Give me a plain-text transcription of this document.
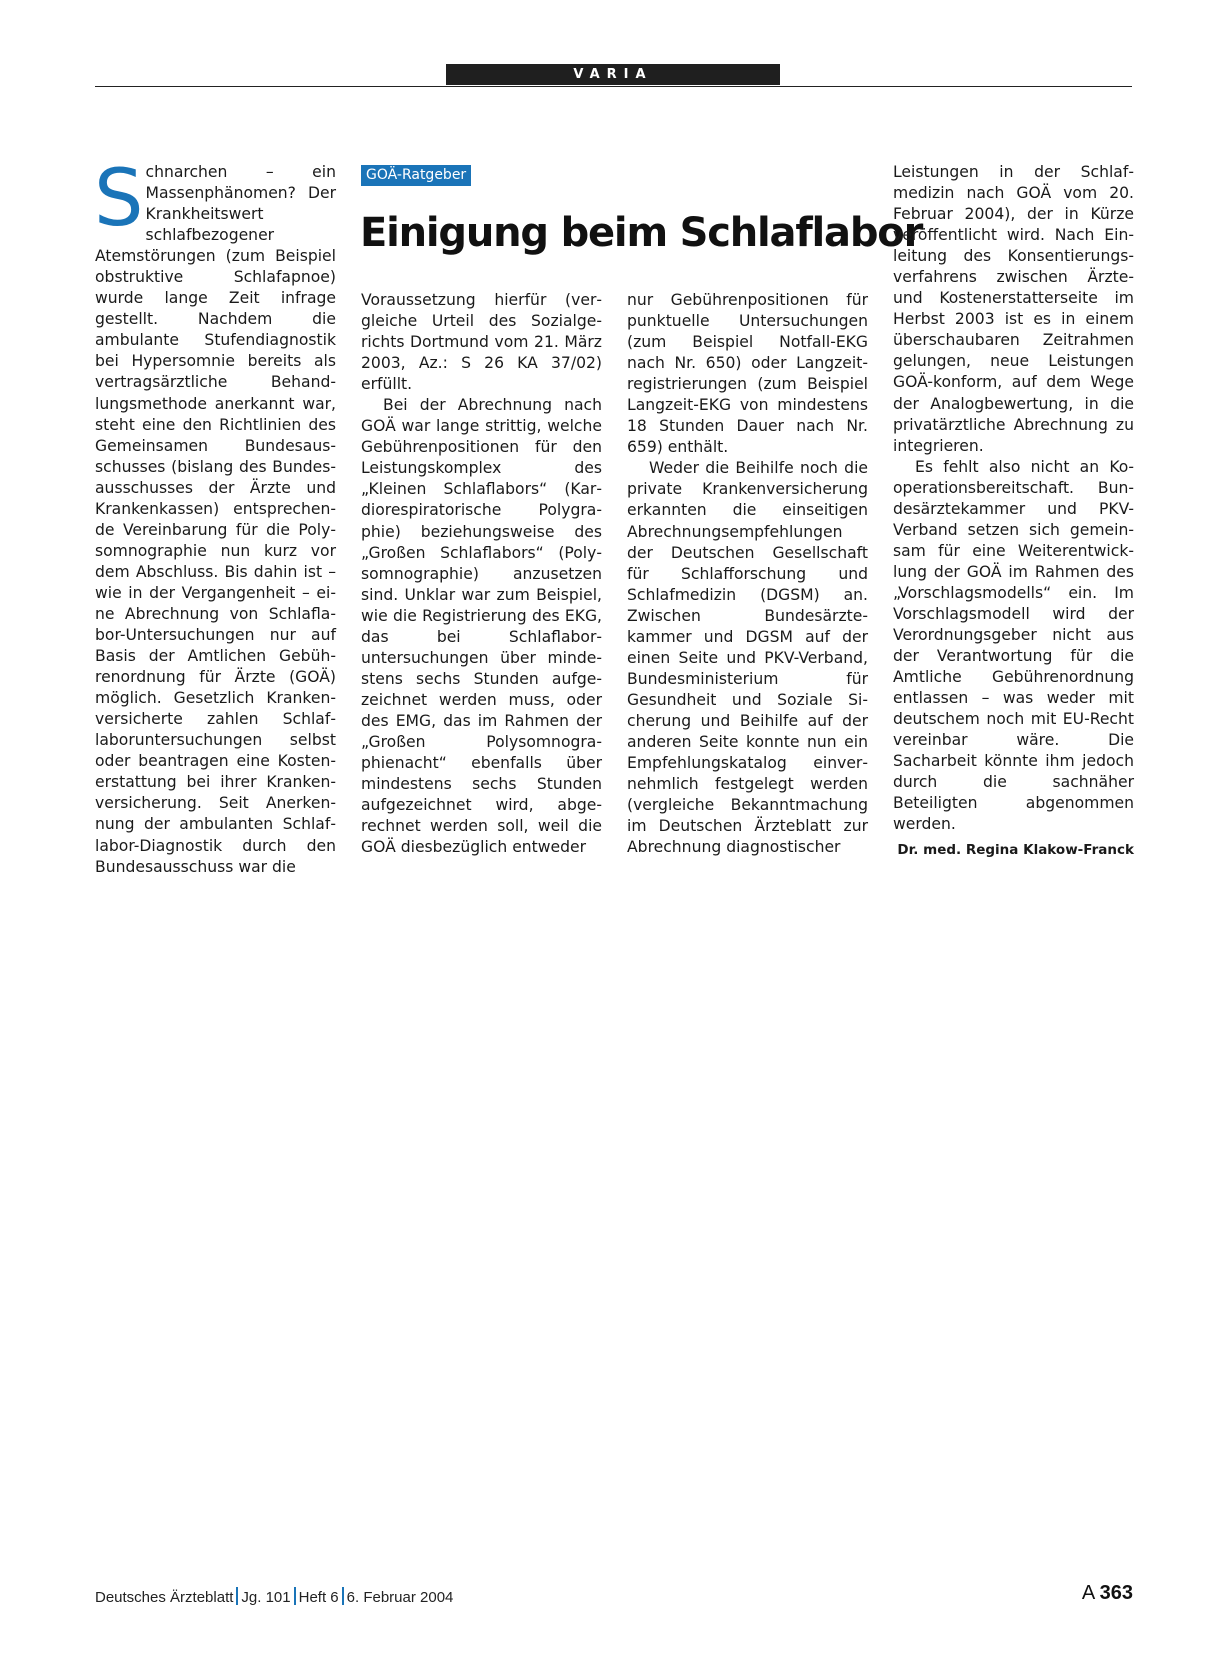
VARIA

Schnarchen – ein Massenphänomen? Der Krankheitswert schlafbezogener Atemstörungen (zum Beispiel obstruktive Schlafapnoe) wurde lange Zeit infrage gestellt. Nachdem die ambulante Stufendiagnostik bei Hypersomnie bereits als vertragsärztliche Behandlungsmethode anerkannt war, steht eine den Richtlinien des Gemeinsamen Bundesausschusses (bislang des Bundesausschusses der Ärzte und Krankenkassen) entsprechende Vereinbarung für die Polysomnographie nun kurz vor dem Abschluss. Bis dahin ist – wie in der Vergangenheit – eine Abrechnung von Schlaflabor-Untersuchungen nur auf Basis der Amtlichen Gebührenordnung für Ärzte (GOÄ) möglich. Gesetzlich Krankenversicherte zahlen Schlaflaboruntersuchungen selbst oder beantragen eine Kostenerstattung bei ihrer Krankenversicherung. Seit Anerkennung der ambulanten Schlaflabor-Diagnostik durch den Bundesausschuss war die

GOÄ-Ratgeber
Einigung beim Schlaflabor

Voraussetzung hierfür (vergleiche Urteil des Sozialgerichts Dortmund vom 21. März 2003, Az.: S 26 KA 37/02) erfüllt.

Bei der Abrechnung nach GOÄ war lange strittig, welche Gebührenpositionen für den Leistungskomplex des „Kleinen Schlaflabors“ (Kardiorespiratorische Polygraphie) beziehungsweise des „Großen Schlaflabors“ (Polysomnographie) anzusetzen sind. Unklar war zum Beispiel, wie die Registrierung des EKG, das bei Schlaflaboruntersuchungen über mindestens sechs Stunden aufgezeichnet werden muss, oder des EMG, das im Rahmen der „Großen Polysomnographienacht“ ebenfalls über mindestens sechs Stunden aufgezeichnet wird, abgerechnet werden soll, weil die GOÄ diesbezüglich entweder

nur Gebührenpositionen für punktuelle Untersuchungen (zum Beispiel Notfall-EKG nach Nr. 650) oder Langzeitregistrierungen (zum Beispiel Langzeit-EKG von mindestens 18 Stunden Dauer nach Nr. 659) enthält.

Weder die Beihilfe noch die private Krankenversicherung erkannten die einseitigen Abrechnungsempfehlungen der Deutschen Gesellschaft für Schlafforschung und Schlafmedizin (DGSM) an. Zwischen Bundesärztekammer und DGSM auf der einen Seite und PKV-Verband, Bundesministerium für Gesundheit und Soziale Sicherung und Beihilfe auf der anderen Seite konnte nun ein Empfehlungskatalog einvernehmlich festgelegt werden (vergleiche Bekanntmachung im Deutschen Ärzteblatt zur Abrechnung diagnostischer

Leistungen in der Schlafmedizin nach GOÄ vom 20. Februar 2004), der in Kürze veröffentlicht wird. Nach Einleitung des Konsentierungsverfahrens zwischen Ärzte- und Kostenerstatterseite im Herbst 2003 ist es in einem überschaubaren Zeitrahmen gelungen, neue Leistungen GOÄ-konform, auf dem Wege der Analogbewertung, in die privatärztliche Abrechnung zu integrieren.

Es fehlt also nicht an Kooperationsbereitschaft. Bundesärztekammer und PKV-Verband setzen sich gemeinsam für eine Weiterentwicklung der GOÄ im Rahmen des „Vorschlagsmodells“ ein. Im Vorschlagsmodell wird der Verordnungsgeber nicht aus der Verantwortung für die Amtliche Gebührenordnung entlassen – was weder mit deutschem noch mit EU-Recht vereinbar wäre. Die Sacharbeit könnte ihm jedoch durch die sachnäher Beteiligten abgenommen werden.

Dr. med. Regina Klakow-Franck

Deutsches Ärzteblatt Jg. 101 Heft 6 6. Februar 2004	A 363
